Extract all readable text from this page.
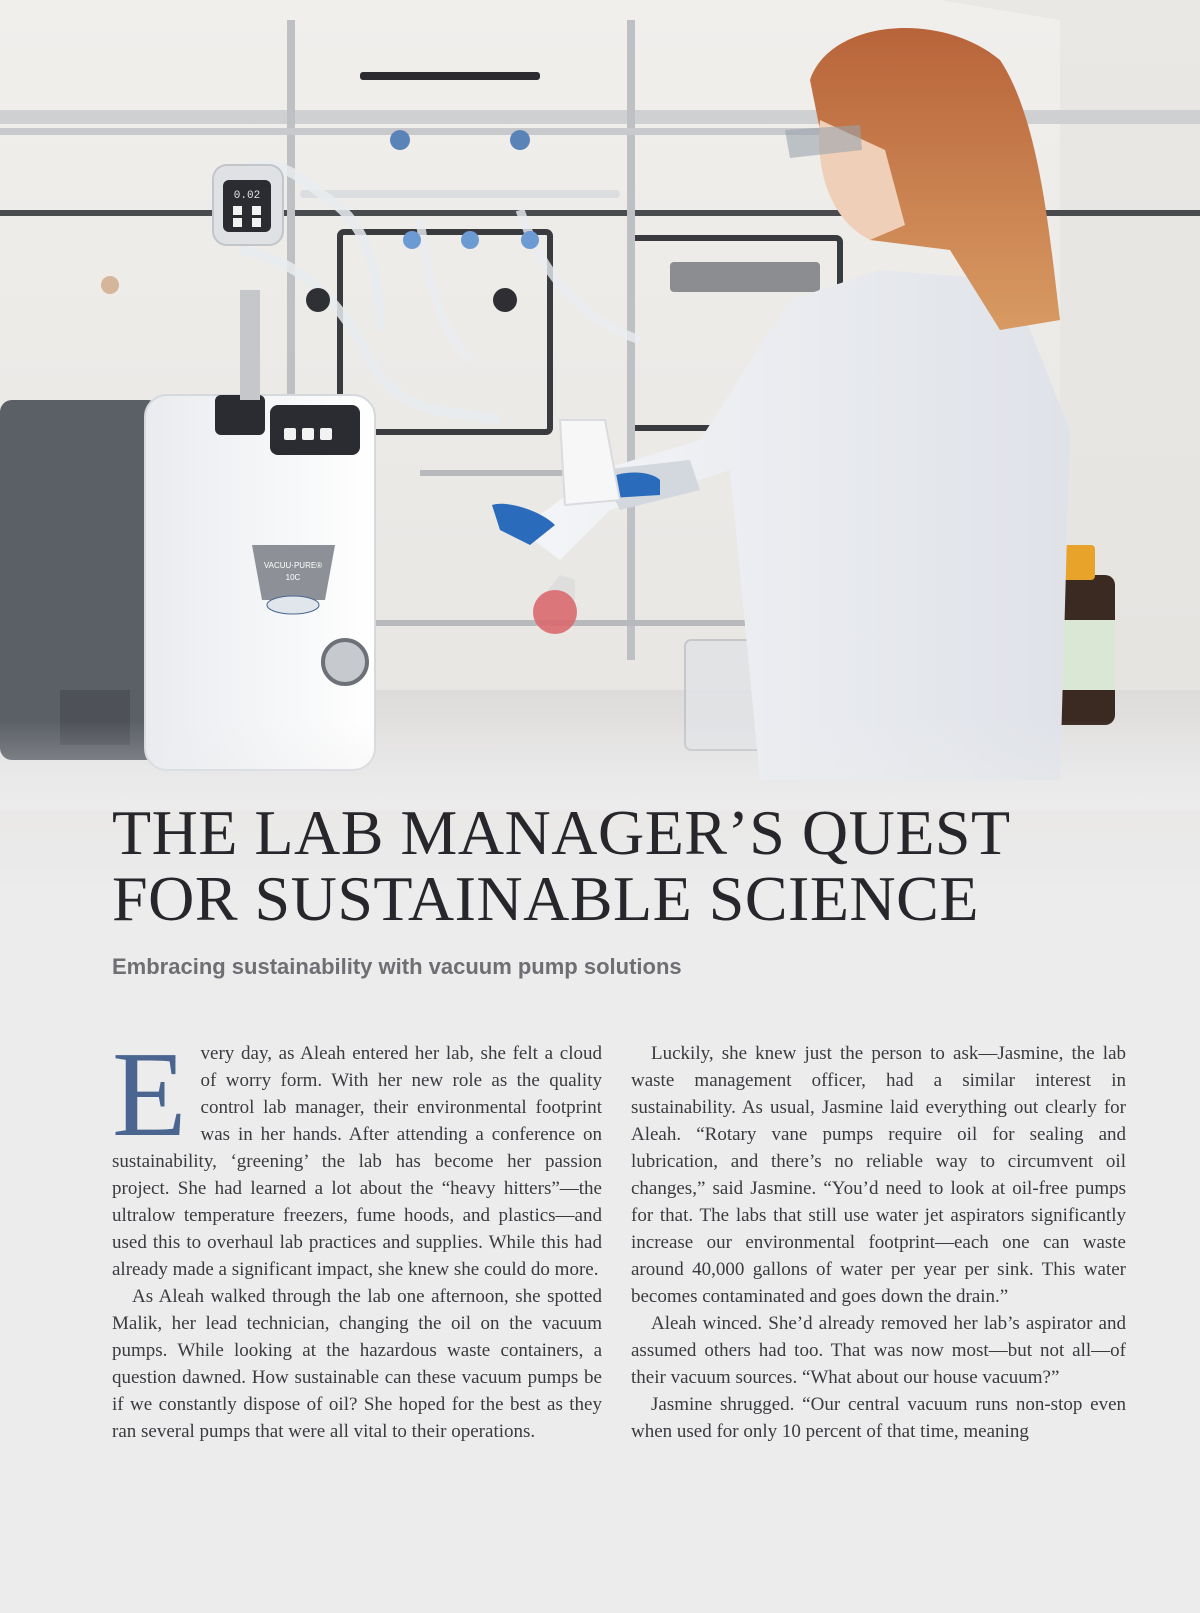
VACUU·PURE®
10C
0.02
THE LAB MANAGER’S QUEST
FOR SUSTAINABLE SCIENCE
Embracing sustainability with vacuum pump solutions

Every day, as Aleah entered her lab, she felt a cloud of worry form. With her new role as the quality control lab manager, their environmental footprint was in her hands. After attending a conference on sustainability, ‘greening’ the lab has become her passion project. She had learned a lot about the “heavy hitters”—the ultralow temperature freezers, fume hoods, and plastics—and used this to overhaul lab practices and supplies. While this had already made a significant impact, she knew she could do more.

As Aleah walked through the lab one afternoon, she spotted Malik, her lead technician, changing the oil on the vacuum pumps. While looking at the hazardous waste containers, a question dawned. How sustainable can these vacuum pumps be if we constantly dispose of oil? She hoped for the best as they ran several pumps that were all vital to their operations.

Luckily, she knew just the person to ask—Jasmine, the lab waste management officer, had a similar interest in sustainability. As usual, Jasmine laid everything out clearly for Aleah. “Rotary vane pumps require oil for sealing and lubrication, and there’s no reliable way to circumvent oil changes,” said Jasmine. “You’d need to look at oil-free pumps for that. The labs that still use water jet aspirators significantly increase our environmental footprint—each one can waste around 40,000 gallons of water per year per sink. This water becomes contaminated and goes down the drain.”

Aleah winced. She’d already removed her lab’s aspirator and assumed others had too. That was now most—but not all—of their vacuum sources. “What about our house vacuum?”

Jasmine shrugged. “Our central vacuum runs non-stop even when used for only 10 percent of that time, meaning
